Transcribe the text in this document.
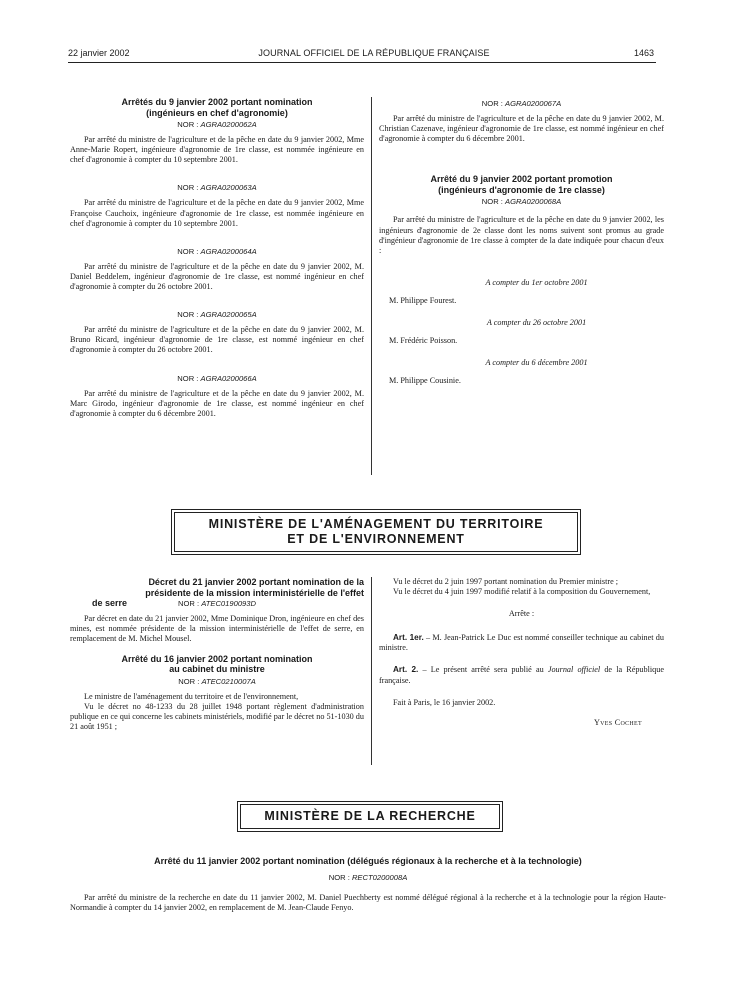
22 janvier 2002	JOURNAL OFFICIEL DE LA RÉPUBLIQUE FRANÇAISE	1463
Arrêtés du 9 janvier 2002 portant nomination
(ingénieurs en chef d'agronomie)
NOR : AGRA0200062A

Par arrêté du ministre de l'agriculture et de la pêche en date du 9 janvier 2002, Mme Anne-Marie Ropert, ingénieure d'agronomie de 1re classe, est nommée ingénieure en chef d'agronomie à compter du 10 septembre 2001.

NOR : AGRA0200063A

Par arrêté du ministre de l'agriculture et de la pêche en date du 9 janvier 2002, Mme Françoise Cauchoix, ingénieure d'agronomie de 1re classe, est nommée ingénieure en chef d'agronomie à compter du 10 septembre 2001.

NOR : AGRA0200064A

Par arrêté du ministre de l'agriculture et de la pêche en date du 9 janvier 2002, M. Daniel Beddelem, ingénieur d'agronomie de 1re classe, est nommé ingénieur en chef d'agronomie à compter du 26 octobre 2001.

NOR : AGRA0200065A

Par arrêté du ministre de l'agriculture et de la pêche en date du 9 janvier 2002, M. Bruno Ricard, ingénieur d'agronomie de 1re classe, est nommé ingénieur en chef d'agronomie à compter du 26 octobre 2001.

NOR : AGRA0200066A

Par arrêté du ministre de l'agriculture et de la pêche en date du 9 janvier 2002, M. Marc Girodo, ingénieur d'agronomie de 1re classe, est nommé ingénieur en chef d'agronomie à compter du 6 décembre 2001.

NOR : AGRA0200067A

Par arrêté du ministre de l'agriculture et de la pêche en date du 9 janvier 2002, M. Christian Cazenave, ingénieur d'agronomie de 1re classe, est nommé ingénieur en chef d'agronomie à compter du 6 décembre 2001.

Arrêté du 9 janvier 2002 portant promotion
(ingénieurs d'agronomie de 1re classe)
NOR : AGRA0200068A

Par arrêté du ministre de l'agriculture et de la pêche en date du 9 janvier 2002, les ingénieurs d'agronomie de 2e classe dont les noms suivent sont promus au grade d'ingénieur d'agronomie de 1re classe à compter de la date indiquée pour chacun d'eux :

A compter du 1er octobre 2001

M. Philippe Fourest.

A compter du 26 octobre 2001

M. Frédéric Poisson.

A compter du 6 décembre 2001

M. Philippe Cousinie.

MINISTÈRE DE L'AMÉNAGEMENT DU TERRITOIRE
ET DE L'ENVIRONNEMENT
Décret du 21 janvier 2002 portant nomination de la
présidente de la mission interministérielle de l'effet
de serre	NOR : ATEC0190093D

Par décret en date du 21 janvier 2002, Mme Dominique Dron, ingénieure en chef des mines, est nommée présidente de la mission interministérielle de l'effet de serre, en remplacement de M. Michel Mousel.

Arrêté du 16 janvier 2002 portant nomination
au cabinet du ministre
NOR : ATEC0210007A

Le ministre de l'aménagement du territoire et de l'environnement,

Vu le décret no 48-1233 du 28 juillet 1948 portant règlement d'administration publique en ce qui concerne les cabinets ministériels, modifié par le décret no 51-1030 du 21 août 1951 ;

Vu le décret du 2 juin 1997 portant nomination du Premier ministre ;

Vu le décret du 4 juin 1997 modifié relatif à la composition du Gouvernement,

Arrête :

Art. 1er. – M. Jean-Patrick Le Duc est nommé conseiller technique au cabinet du ministre.

Art. 2. – Le présent arrêté sera publié au Journal officiel de la République française.

Fait à Paris, le 16 janvier 2002.

Yves Cochet

MINISTÈRE DE LA RECHERCHE
Arrêté du 11 janvier 2002 portant nomination (délégués régionaux à la recherche et à la technologie)
NOR : RECT0200008A

Par arrêté du ministre de la recherche en date du 11 janvier 2002, M. Daniel Puechberty est nommé délégué régional à la recherche et à la technologie pour la région Haute-Normandie à compter du 14 janvier 2002, en remplacement de M. Jean-Claude Fenyo.
